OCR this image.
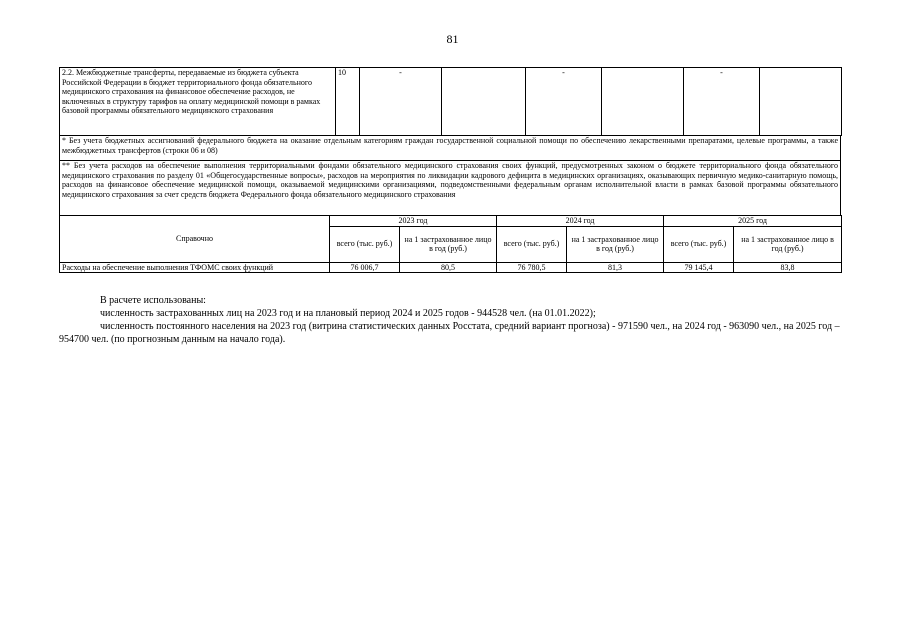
81
2.2. Межбюджетные трансферты, передаваемые из бюджета субъекта Российской Федерации в бюджет территориального фонда обязательного медицинского страхования на финансовое обеспечение расходов, не включенных в структуру тарифов на оплату медицинской помощи в рамках базовой программы обязательного медицинского страхования	10	-		-		-	
* Без учета бюджетных ассигнований федерального бюджета на оказание отдельным категориям граждан государственной социальной помощи по обеспечению лекарственными препаратами, целевые программы, а также межбюджетных трансфертов (строки 06 и 08)
** Без учета расходов на обеспечение выполнения территориальными фондами обязательного медицинского страхования своих функций, предусмотренных законом о бюджете территориального фонда обязательного медицинского страхования по разделу 01 «Общегосударственные вопросы», расходов на мероприятия по ликвидации кадрового дефицита в медицинских организациях, оказывающих первичную медико-санитарную помощь, расходов на финансовое обеспечение медицинской помощи, оказываемой медицинскими организациями, подведомственными федеральным органам исполнительной власти в рамках базовой программы обязательного медицинского страхования за счет средств бюджета Федерального фонда обязательного медицинского страхования
Справочно	2023 год		2024 год		2025 год	
	всего (тыс. руб.)	на 1 застрахованное лицо в год (руб.)	всего (тыс. руб.)	на 1 застрахованное лицо в год (руб.)	всего (тыс. руб.)	на 1 застрахованное лицо в год (руб.)
Расходы на обеспечение выполнения ТФОМС своих функций	76 006,7	80,5	76 780,5	81,3	79 145,4	83,8

В расчете использованы:

численность застрахованных лиц на 2023 год и на плановый период 2024 и 2025 годов - 944528 чел. (на 01.01.2022);

численность постоянного населения на 2023 год (витрина статистических данных Росстата, средний вариант прогноза) - 971590 чел., на 2024 год - 963090 чел., на 2025 год – 954700 чел. (по прогнозным данным на начало года).
